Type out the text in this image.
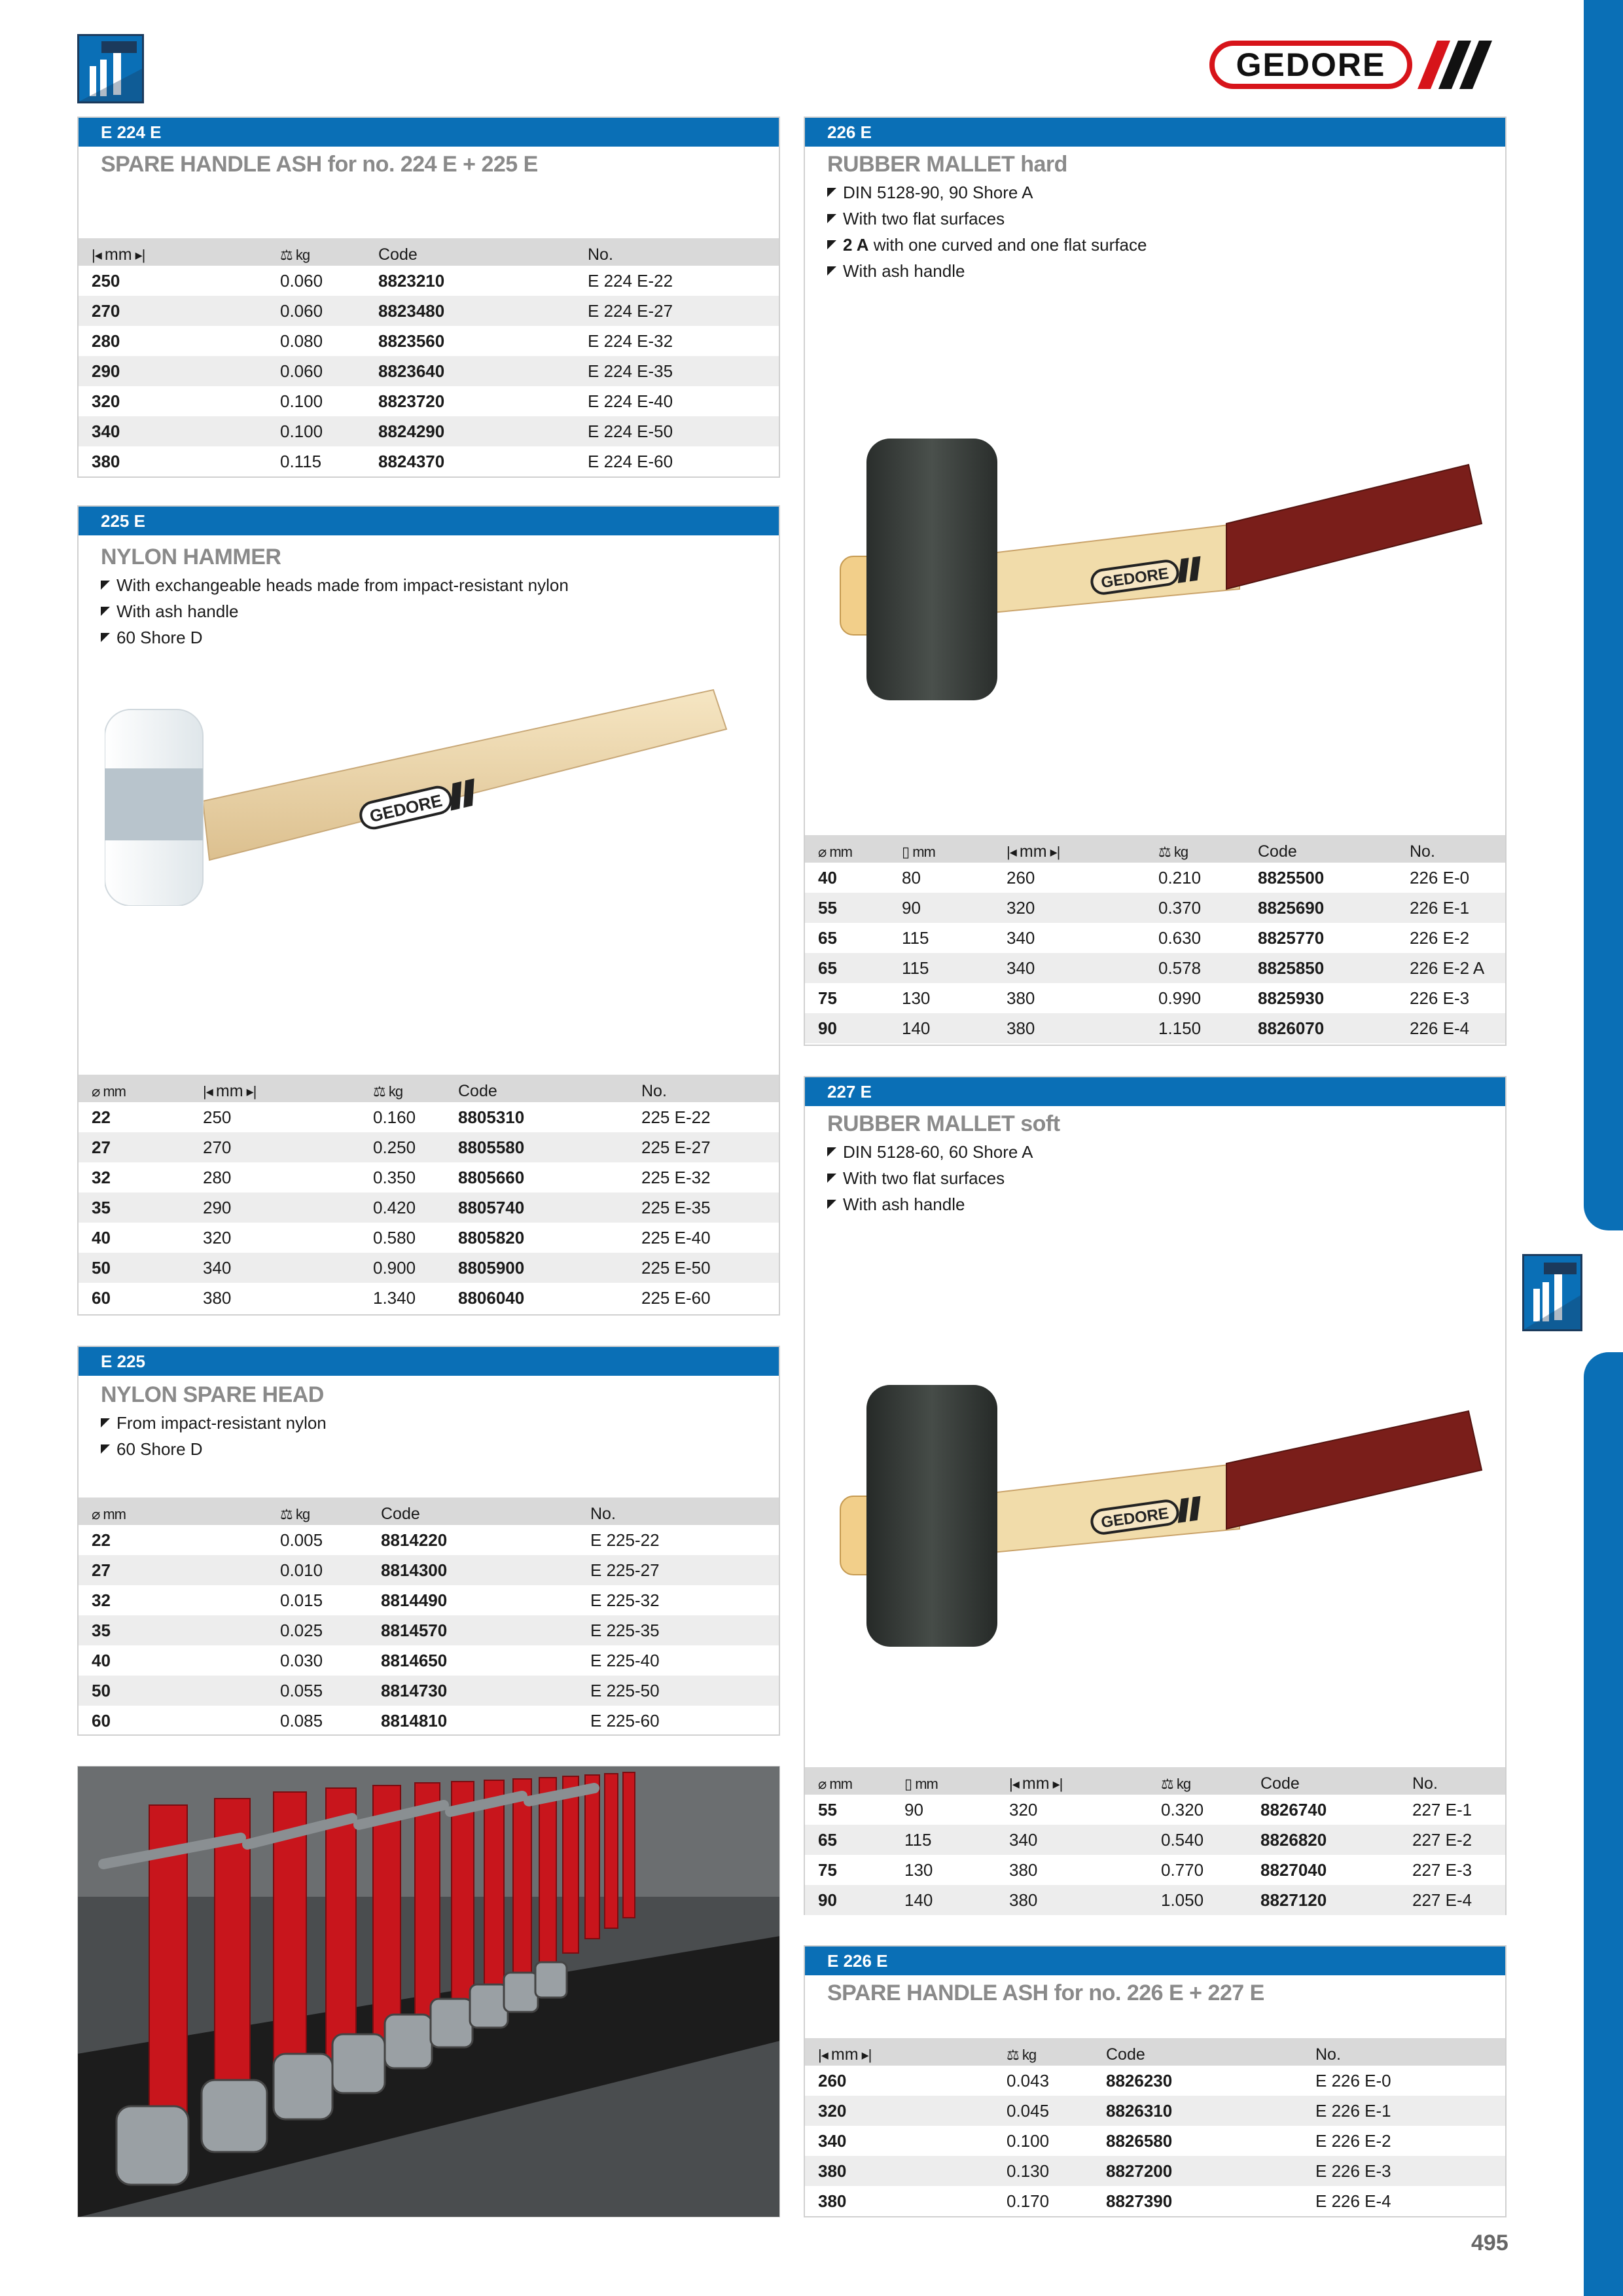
GEDORE
E 224 E
SPARE HANDLE ASH for no. 224 E + 225 E
|◂ mm ▸|	⚖ kg	Code	No.
250	0.060	8823210	E 224 E-22
270	0.060	8823480	E 224 E-27
280	0.080	8823560	E 224 E-32
290	0.060	8823640	E 224 E-35
320	0.100	8823720	E 224 E-40
340	0.100	8824290	E 224 E-50
380	0.115	8824370	E 224 E-60
225 E
NYLON HAMMER
With exchangeable heads made from impact-resistant nylon
With ash handle
60 Shore D
GEDORE
⌀ mm	|◂ mm ▸|	⚖ kg	Code	No.
22	250	0.160	8805310	225 E-22
27	270	0.250	8805580	225 E-27
32	280	0.350	8805660	225 E-32
35	290	0.420	8805740	225 E-35
40	320	0.580	8805820	225 E-40
50	340	0.900	8805900	225 E-50
60	380	1.340	8806040	225 E-60
E 225
NYLON SPARE HEAD
From impact-resistant nylon
60 Shore D
⌀ mm	⚖ kg	Code	No.
22	0.005	8814220	E 225-22
27	0.010	8814300	E 225-27
32	0.015	8814490	E 225-32
35	0.025	8814570	E 225-35
40	0.030	8814650	E 225-40
50	0.055	8814730	E 225-50
60	0.085	8814810	E 225-60
226 E
RUBBER MALLET hard
DIN 5128-90, 90 Shore A
With two flat surfaces
2 A with one curved and one flat surface
With ash handle
GEDORE
⌀ mm	▯ mm	|◂ mm ▸|	⚖ kg	Code	No.
40	80	260	0.210	8825500	226 E-0
55	90	320	0.370	8825690	226 E-1
65	115	340	0.630	8825770	226 E-2
65	115	340	0.578	8825850	226 E-2 A
75	130	380	0.990	8825930	226 E-3
90	140	380	1.150	8826070	226 E-4
227 E
RUBBER MALLET soft
DIN 5128-60, 60 Shore A
With two flat surfaces
With ash handle
GEDORE
⌀ mm	▯ mm	|◂ mm ▸|	⚖ kg	Code	No.
55	90	320	0.320	8826740	227 E-1
65	115	340	0.540	8826820	227 E-2
75	130	380	0.770	8827040	227 E-3
90	140	380	1.050	8827120	227 E-4
E 226 E
SPARE HANDLE ASH for no. 226 E + 227 E
|◂ mm ▸|	⚖ kg	Code	No.
260	0.043	8826230	E 226 E-0
320	0.045	8826310	E 226 E-1
340	0.100	8826580	E 226 E-2
380	0.130	8827200	E 226 E-3
380	0.170	8827390	E 226 E-4
495
